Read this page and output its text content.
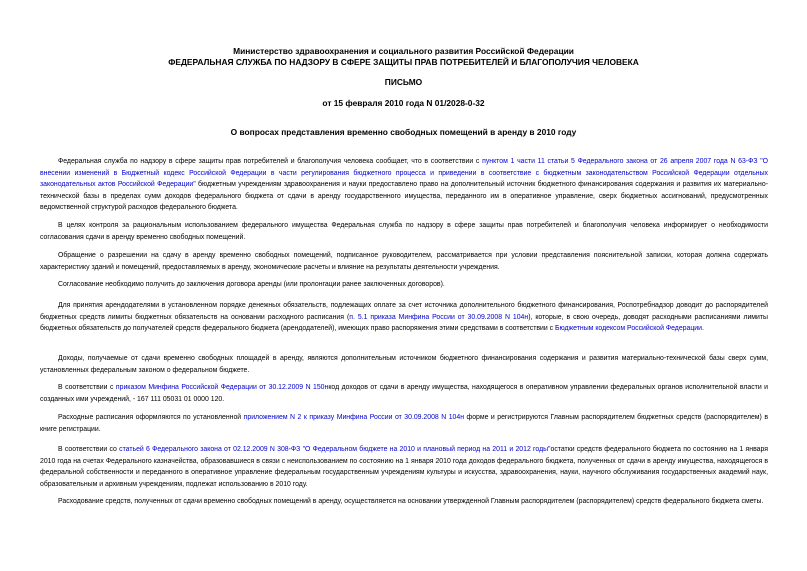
Министерство здравоохранения и социального развития Российской Федерации
ФЕДЕРАЛЬНАЯ СЛУЖБА ПО НАДЗОРУ В СФЕРЕ ЗАЩИТЫ ПРАВ ПОТРЕБИТЕЛЕЙ И БЛАГОПОЛУЧИЯ ЧЕЛОВЕКА
ПИСЬМО
от 15 февраля 2010 года N 01/2028-0-32
О вопросах представления временно свободных помещений в аренду в 2010 году

Федеральная служба по надзору в сфере защиты прав потребителей и благополучия человека сообщает, что в соответствии с пунктом 1 части 11 статьи 5 Федерального закона от 26 апреля 2007 года N 63-ФЗ "О внесении изменений в Бюджетный кодекс Российской Федерации в части регулирования бюджетного процесса и приведении в соответствие с бюджетным законодательством Российской Федерации отдельных законодательных актов Российской Федерации" бюджетным учреждениям здравоохранения и науки предоставлено право на дополнительный источник бюджетного финансирования содержания и развития их материально-технической базы в пределах сумм доходов федерального бюджета от сдачи в аренду государственного имущества, переданного им в оперативное управление, сверх бюджетных ассигнований, предусмотренных ведомственной структурой расходов федерального бюджета.

В целях контроля за рациональным использованием федерального имущества Федеральная служба по надзору в сфере защиты прав потребителей и благополучия человека информирует о необходимости согласования сдачи в аренду временно свободных помещений.

Обращение о разрешении на сдачу в аренду временно свободных помещений, подписанное руководителем, рассматривается при условии представления пояснительной записки, которая должна содержать характеристику зданий и помещений, предоставляемых в аренду, экономические расчеты и влияние на результаты деятельности учреждения.

Согласование необходимо получить до заключения договора аренды (или пролонгации ранее заключенных договоров).

Для принятия арендодателями в установленном порядке денежных обязательств, подлежащих оплате за счет источника дополнительного бюджетного финансирования, Роспотребнадзор доводит до распорядителей бюджетных средств лимиты бюджетных обязательств на основании расходного расписания (п. 5.1 приказа Минфина России от 30.09.2008 N 104н), которые, в свою очередь, доводят расходными расписаниями лимиты бюджетных обязательств до получателей средств федерального бюджета (арендодателей), имеющих право распоряжения этими средствами в соответствии с Бюджетным кодексом Российской Федерации.

Доходы, получаемые от сдачи временно свободных площадей в аренду, являются дополнительным источником бюджетного финансирования содержания и развития материально-технической базы сверх сумм, установленных федеральным законом о федеральном бюджете.

В соответствии с приказом Минфина Российской Федерации от 30.12.2009 N 150нкод доходов от сдачи в аренду имущества, находящегося в оперативном управлении федеральных органов исполнительной власти и созданных ими учреждений, - 167 111 05031 01 0000 120.

Расходные расписания оформляются по установленной приложением N 2 к приказу Минфина России от 30.09.2008 N 104н форме и регистрируются Главным распорядителем бюджетных средств (распорядителем) в книге регистрации.

В соответствии со статьей 6 Федерального закона от 02.12.2009 N 308-ФЗ "О Федеральном бюджете на 2010 и плановый период на 2011 и 2012 годы"остатки средств федерального бюджета по состоянию на 1 января 2010 года на счетах Федерального казначейства, образовавшиеся в связи с неиспользованием по состоянию на 1 января 2010 года доходов федерального бюджета, полученных от сдачи в аренду имущества, находящегося в федеральной собственности и переданного в оперативное управление федеральным государственным учреждениям культуры и искусства, здравоохранения, науки, научного обслуживания государственных академий наук, образовательным и архивным учреждениям, подлежат использованию в 2010 году.

Расходование средств, полученных от сдачи временно свободных помещений в аренду, осуществляется на основании утвержденной Главным распорядителем (распорядителем) средств федерального бюджета сметы.
